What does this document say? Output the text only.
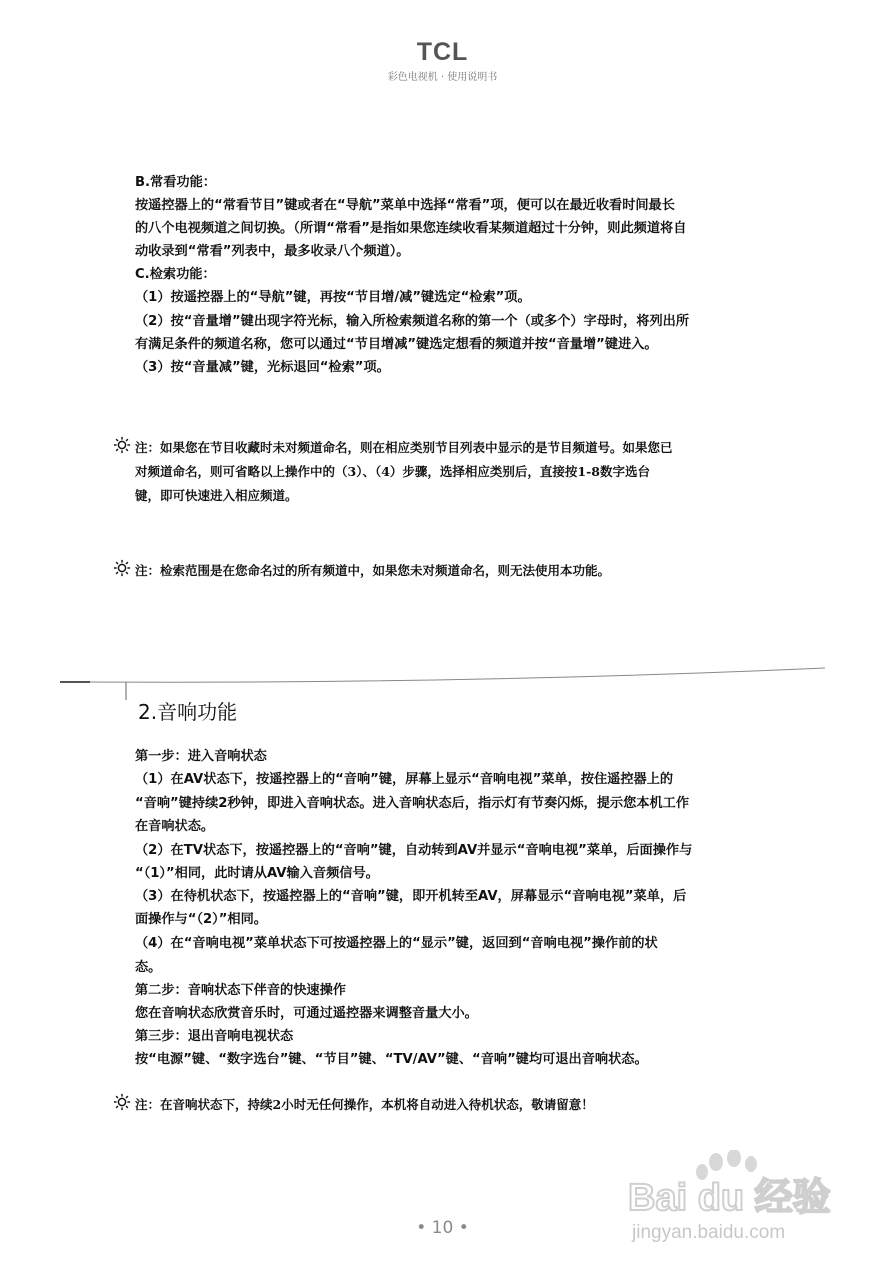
TCL
彩色电视机 · 使用说明书
B.常看功能：
按遥控器上的“常看节目”键或者在“导航”菜单中选择“常看”项，便可以在最近收看时间最长
的八个电视频道之间切换。（所谓“常看”是指如果您连续收看某频道超过十分钟，则此频道将自
动收录到“常看”列表中，最多收录八个频道）。
C.检索功能：
（1）按遥控器上的“导航”键，再按“节目增/减”键选定“检索”项。
（2）按“音量增”键出现字符光标，输入所检索频道名称的第一个（或多个）字母时，将列出所
有满足条件的频道名称，您可以通过“节目增减”键选定想看的频道并按“音量增”键进入。
（3）按“音量减”键，光标退回“检索”项。
注：如果您在节目收藏时未对频道命名，则在相应类别节目列表中显示的是节目频道号。如果您已
对频道命名，则可省略以上操作中的（3）、（4）步骤，选择相应类别后，直接按1-8数字选台
键，即可快速进入相应频道。
注：检索范围是在您命名过的所有频道中，如果您未对频道命名，则无法使用本功能。
2.音响功能
第一步：进入音响状态
（1）在AV状态下，按遥控器上的“音响”键，屏幕上显示“音响电视”菜单，按住遥控器上的
“音响”键持续2秒钟，即进入音响状态。进入音响状态后，指示灯有节奏闪烁，提示您本机工作
在音响状态。
（2）在TV状态下，按遥控器上的“音响”键，自动转到AV并显示“音响电视”菜单，后面操作与
“（1）”相同，此时请从AV输入音频信号。
（3）在待机状态下，按遥控器上的“音响”键，即开机转至AV，屏幕显示“音响电视”菜单，后
面操作与“（2）”相同。
（4）在“音响电视”菜单状态下可按遥控器上的“显示”键，返回到“音响电视”操作前的状
态。
第二步：音响状态下伴音的快速操作
您在音响状态欣赏音乐时，可通过遥控器来调整音量大小。
第三步：退出音响电视状态
按“电源”键、“数字选台”键、“节目”键、“TV/AV”键、“音响”键均可退出音响状态。
注：在音响状态下，持续2小时无任何操作，本机将自动进入待机状态，敬请留意！
• 10 •
Bai du 经验
jingyan.baidu.com
